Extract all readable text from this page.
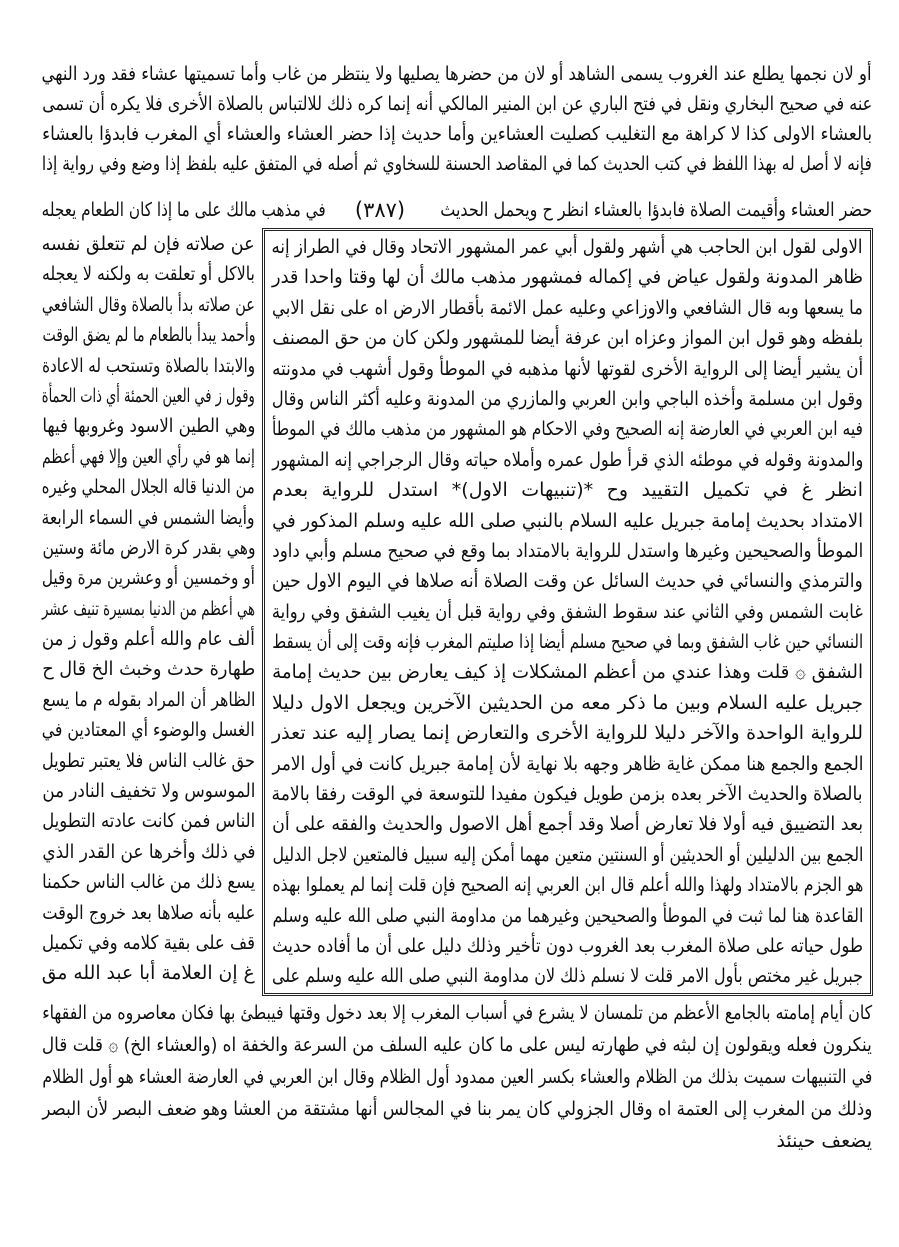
أو لان نجمها يطلع عند الغروب يسمى الشاهد أو لان من حضرها يصليها ولا ينتظر من غاب وأما تسميتها عشاء فقد ورد النهي
عنه في صحيح البخاري ونقل في فتح الباري عن ابن المنير المالكي أنه إنما كره ذلك للالتباس بالصلاة الأخرى فلا يكره أن تسمى
بالعشاء الاولى كذا لا كراهة مع التغليب كصليت العشاءين وأما حديث إذا حضر العشاء والعشاء أي المغرب فابدؤا بالعشاء
فإنه لا أصل له بهذا اللفظ في كتب الحديث كما في المقاصد الحسنة للسخاوي ثم أصله في المتفق عليه بلفظ إذا وضع وفي رواية إذا
حضر العشاء وأقيمت الصلاة فابدؤا بالعشاء انظر ح ويحمل الحديث
(٣٨٧)
في مذهب مالك على ما إذا كان الطعام يعجله
الاولى لقول ابن الحاجب هي أشهر ولقول أبي عمر المشهور الاتحاد وقال في الطراز إنه
ظاهر المدونة ولقول عياض في إكماله فمشهور مذهب مالك أن لها وقتا واحدا قدر
ما يسعها وبه قال الشافعي والاوزاعي وعليه عمل الائمة بأقطار الارض اه على نقل الابي
بلفظه وهو قول ابن المواز وعزاه ابن عرفة أيضا للمشهور ولكن كان من حق المصنف
أن يشير أيضا إلى الرواية الأخرى لقوتها لأنها مذهبه في الموطأ وقول أشهب في مدونته
وقول ابن مسلمة وأخذه الباجي وابن العربي والمازري من المدونة وعليه أكثر الناس وقال
فيه ابن العربي في العارضة إنه الصحيح وفي الاحكام هو المشهور من مذهب مالك في الموطأ
والمدونة وقوله في موطئه الذي قرأ طول عمره وأملاه حياته وقال الرجراجي إنه المشهور
انظر غ في تكميل التقييد وح *(تنبيهات الاول)* استدل للرواية بعدم
الامتداد بحديث إمامة جبريل عليه السلام بالنبي صلى الله عليه وسلم المذكور في
الموطأ والصحيحين وغيرها واستدل للرواية بالامتداد بما وقع في صحيح مسلم وأبي داود
والترمذي والنسائي في حديث السائل عن وقت الصلاة أنه صلاها في اليوم الاول حين
غابت الشمس وفي الثاني عند سقوط الشفق وفي رواية قبل أن يغيب الشفق وفي رواية
النسائي حين غاب الشفق وبما في صحيح مسلم أيضا إذا صليتم المغرب فإنه وقت إلى أن يسقط
الشفق ۞ قلت وهذا عندي من أعظم المشكلات إذ كيف يعارض بين حديث إمامة
جبريل عليه السلام وبين ما ذكر معه من الحديثين الآخرين ويجعل الاول دليلا
للرواية الواحدة والآخر دليلا للرواية الأخرى والتعارض إنما يصار إليه عند تعذر
الجمع والجمع هنا ممكن غاية ظاهر وجهه بلا نهاية لأن إمامة جبريل كانت في أول الامر
بالصلاة والحديث الآخر بعده بزمن طويل فيكون مفيدا للتوسعة في الوقت رفقا بالامة
بعد التضييق فيه أولا فلا تعارض أصلا وقد أجمع أهل الاصول والحديث والفقه على أن
الجمع بين الدليلين أو الحديثين أو السنتين متعين مهما أمكن إليه سبيل فالمتعين لاجل الدليل
هو الجزم بالامتداد ولهذا والله أعلم قال ابن العربي إنه الصحيح فإن قلت إنما لم يعملوا بهذه
القاعدة هنا لما ثبت في الموطأ والصحيحين وغيرهما من مداومة النبي صلى الله عليه وسلم
طول حياته على صلاة المغرب بعد الغروب دون تأخير وذلك دليل على أن ما أفاده حديث
جبريل غير مختص بأول الامر قلت لا نسلم ذلك لان مداومة النبي صلى الله عليه وسلم على
عن صلاته فإن لم تتعلق نفسه
بالاكل أو تعلقت به ولكنه لا يعجله
عن صلاته بدأ بالصلاة وقال الشافعي
وأحمد يبدأ بالطعام ما لم يضق الوقت
والابتدا بالصلاة وتستحب له الاعادة
وقول ز في العين الحمئة أي ذات الحمأة
وهي الطين الاسود وغروبها فيها
إنما هو في رأي العين وإلا فهي أعظم
من الدنيا قاله الجلال المحلي وغيره
وأيضا الشمس في السماء الرابعة
وهي بقدر كرة الارض مائة وستين
أو وخمسين أو وعشرين مرة وقيل
هي أعظم من الدنيا بمسيرة تنيف عشر
ألف عام والله أعلم وقول ز من
طهارة حدث وخبث الخ قال ح
الظاهر أن المراد بقوله م ما يسع
الغسل والوضوء أي المعتادين في
حق غالب الناس فلا يعتبر تطويل
الموسوس ولا تخفيف النادر من
الناس فمن كانت عادته التطويل
في ذلك وأخرها عن القدر الذي
يسع ذلك من غالب الناس حكمنا
عليه بأنه صلاها بعد خروج الوقت
قف على بقية كلامه وفي تكميل
غ إن العلامة أبا عبد الله مق
كان أيام إمامته بالجامع الأعظم من تلمسان لا يشرع في أسباب المغرب إلا بعد دخول وقتها فيبطئ بها فكان معاصروه من الفقهاء
ينكرون فعله ويقولون إن لبثه في طهارته ليس على ما كان عليه السلف من السرعة والخفة اه (والعشاء الخ) ۞ قلت قال
في التنبيهات سميت بذلك من الظلام والعشاء بكسر العين ممدود أول الظلام وقال ابن العربي في العارضة العشاء هو أول الظلام
وذلك من المغرب إلى العتمة اه وقال الجزولي كان يمر بنا في المجالس أنها مشتقة من العشا وهو ضعف البصر لأن البصر
يضعف حينئذ
